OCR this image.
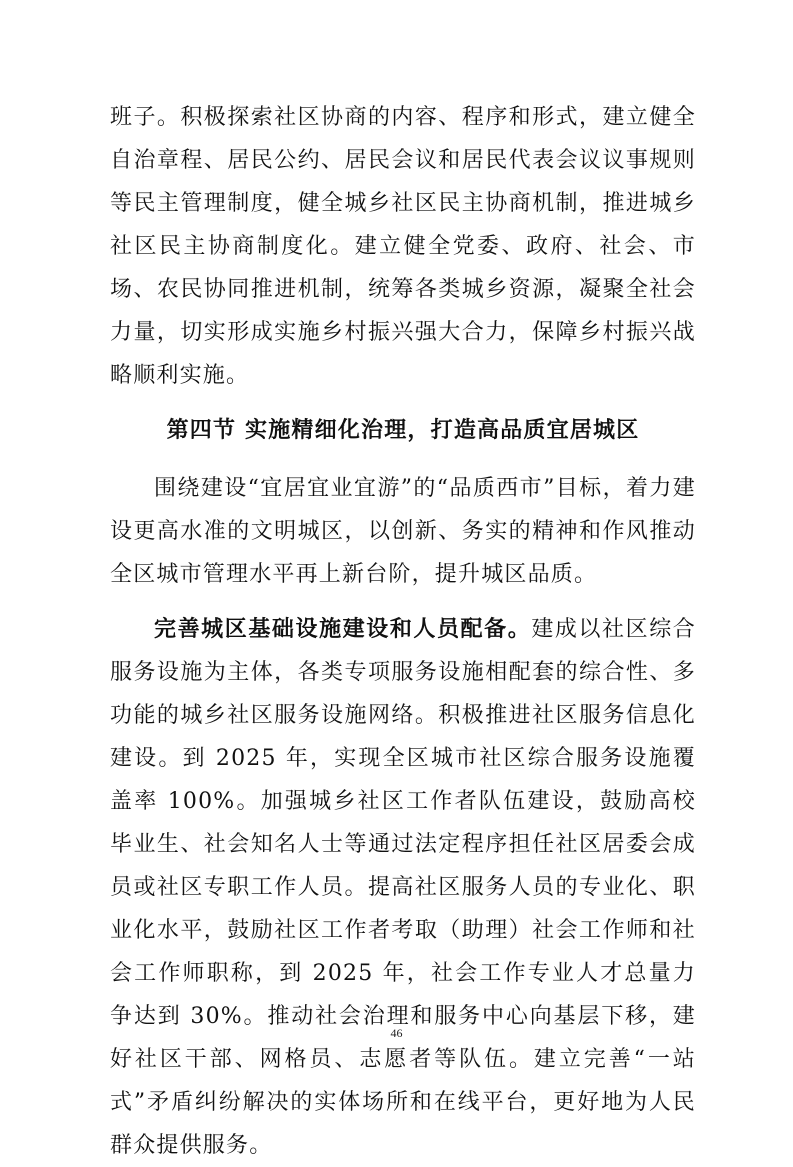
班子。积极探索社区协商的内容、程序和形式，建立健全自治章程、居民公约、居民会议和居民代表会议议事规则等民主管理制度，健全城乡社区民主协商机制，推进城乡社区民主协商制度化。建立健全党委、政府、社会、市场、农民协同推进机制，统筹各类城乡资源，凝聚全社会力量，切实形成实施乡村振兴强大合力，保障乡村振兴战略顺利实施。

第四节 实施精细化治理，打造高品质宜居城区

围绕建设“宜居宜业宜游”的“品质西市”目标，着力建设更高水准的文明城区，以创新、务实的精神和作风推动全区城市管理水平再上新台阶，提升城区品质。

完善城区基础设施建设和人员配备。建成以社区综合服务设施为主体，各类专项服务设施相配套的综合性、多功能的城乡社区服务设施网络。积极推进社区服务信息化建设。到 2025 年，实现全区城市社区综合服务设施覆盖率 100%。加强城乡社区工作者队伍建设，鼓励高校毕业生、社会知名人士等通过法定程序担任社区居委会成员或社区专职工作人员。提高社区服务人员的专业化、职业化水平，鼓励社区工作者考取（助理）社会工作师和社会工作师职称，到 2025 年，社会工作专业人才总量力争达到 30%。推动社会治理和服务中心向基层下移，建好社区干部、网格员、志愿者等队伍。建立完善“一站式”矛盾纠纷解决的实体场所和在线平台，更好地为人民群众提供服务。

46
